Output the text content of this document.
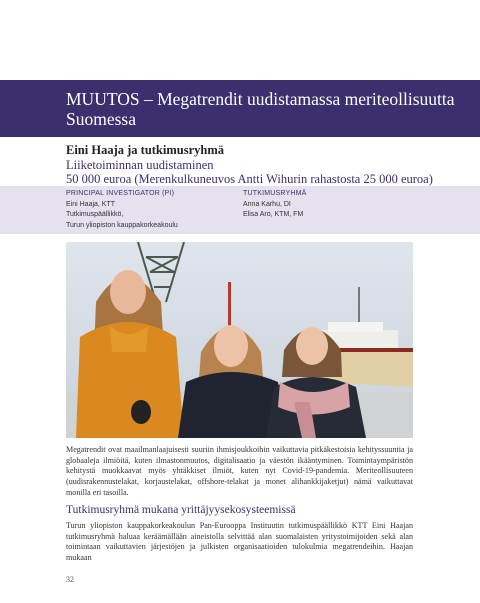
MUUTOS – Megatrendit uudistamassa meriteollisuutta Suomessa
Eini Haaja ja tutkimusryhmä
Liiketoiminnan uudistaminen
50 000 euroa (Merenkulkuneuvos Antti Wihurin rahastosta 25 000 euroa)
PRINCIPAL INVESTIGATOR (PI)
Eini Haaja, KTT
Tutkimuspäällikkö,
Turun yliopiston kauppakorkeakoulu
TUTKIMUSRYHMÄ
Anna Karhu, DI
Elisa Aro, KTM, FM

Megatrendit ovat maailmanlaajuisesti suuriin ihmisjoukkoihin vaikuttavia pitkäkestoisia kehityssuuntia ja globaaleja ilmiöitä, kuten ilmastonmuutos, digitalisaatio ja väestön ikääntyminen. Toimintaympäristön kehitystä muokkaavat myös yhtäkkiset ilmiöt, kuten nyt Covid-19-pandemia. Meriteollisuuteen (uudisrakennustelakat, korjaustelakat, offshore-telakat ja monet alihankkijaketjut) nämä vaikuttavat monilla eri tasoilla.

Tutkimusryhmä mukana yrittäjyysekosysteemissä

Turun yliopiston kauppakorkeakoulun Pan-Eurooppa Instituutin tutkimuspäällikkö KTT Eini Haajan tutkimusryhmä haluaa keräämällään aineistolla selvittää alan suomalaisten yritystoimijoiden sekä alan toimintaan vaikuttavien järjestöjen ja julkisten organisaatioiden tulokulmia megatrendeihin. Haajan mukaan

32
